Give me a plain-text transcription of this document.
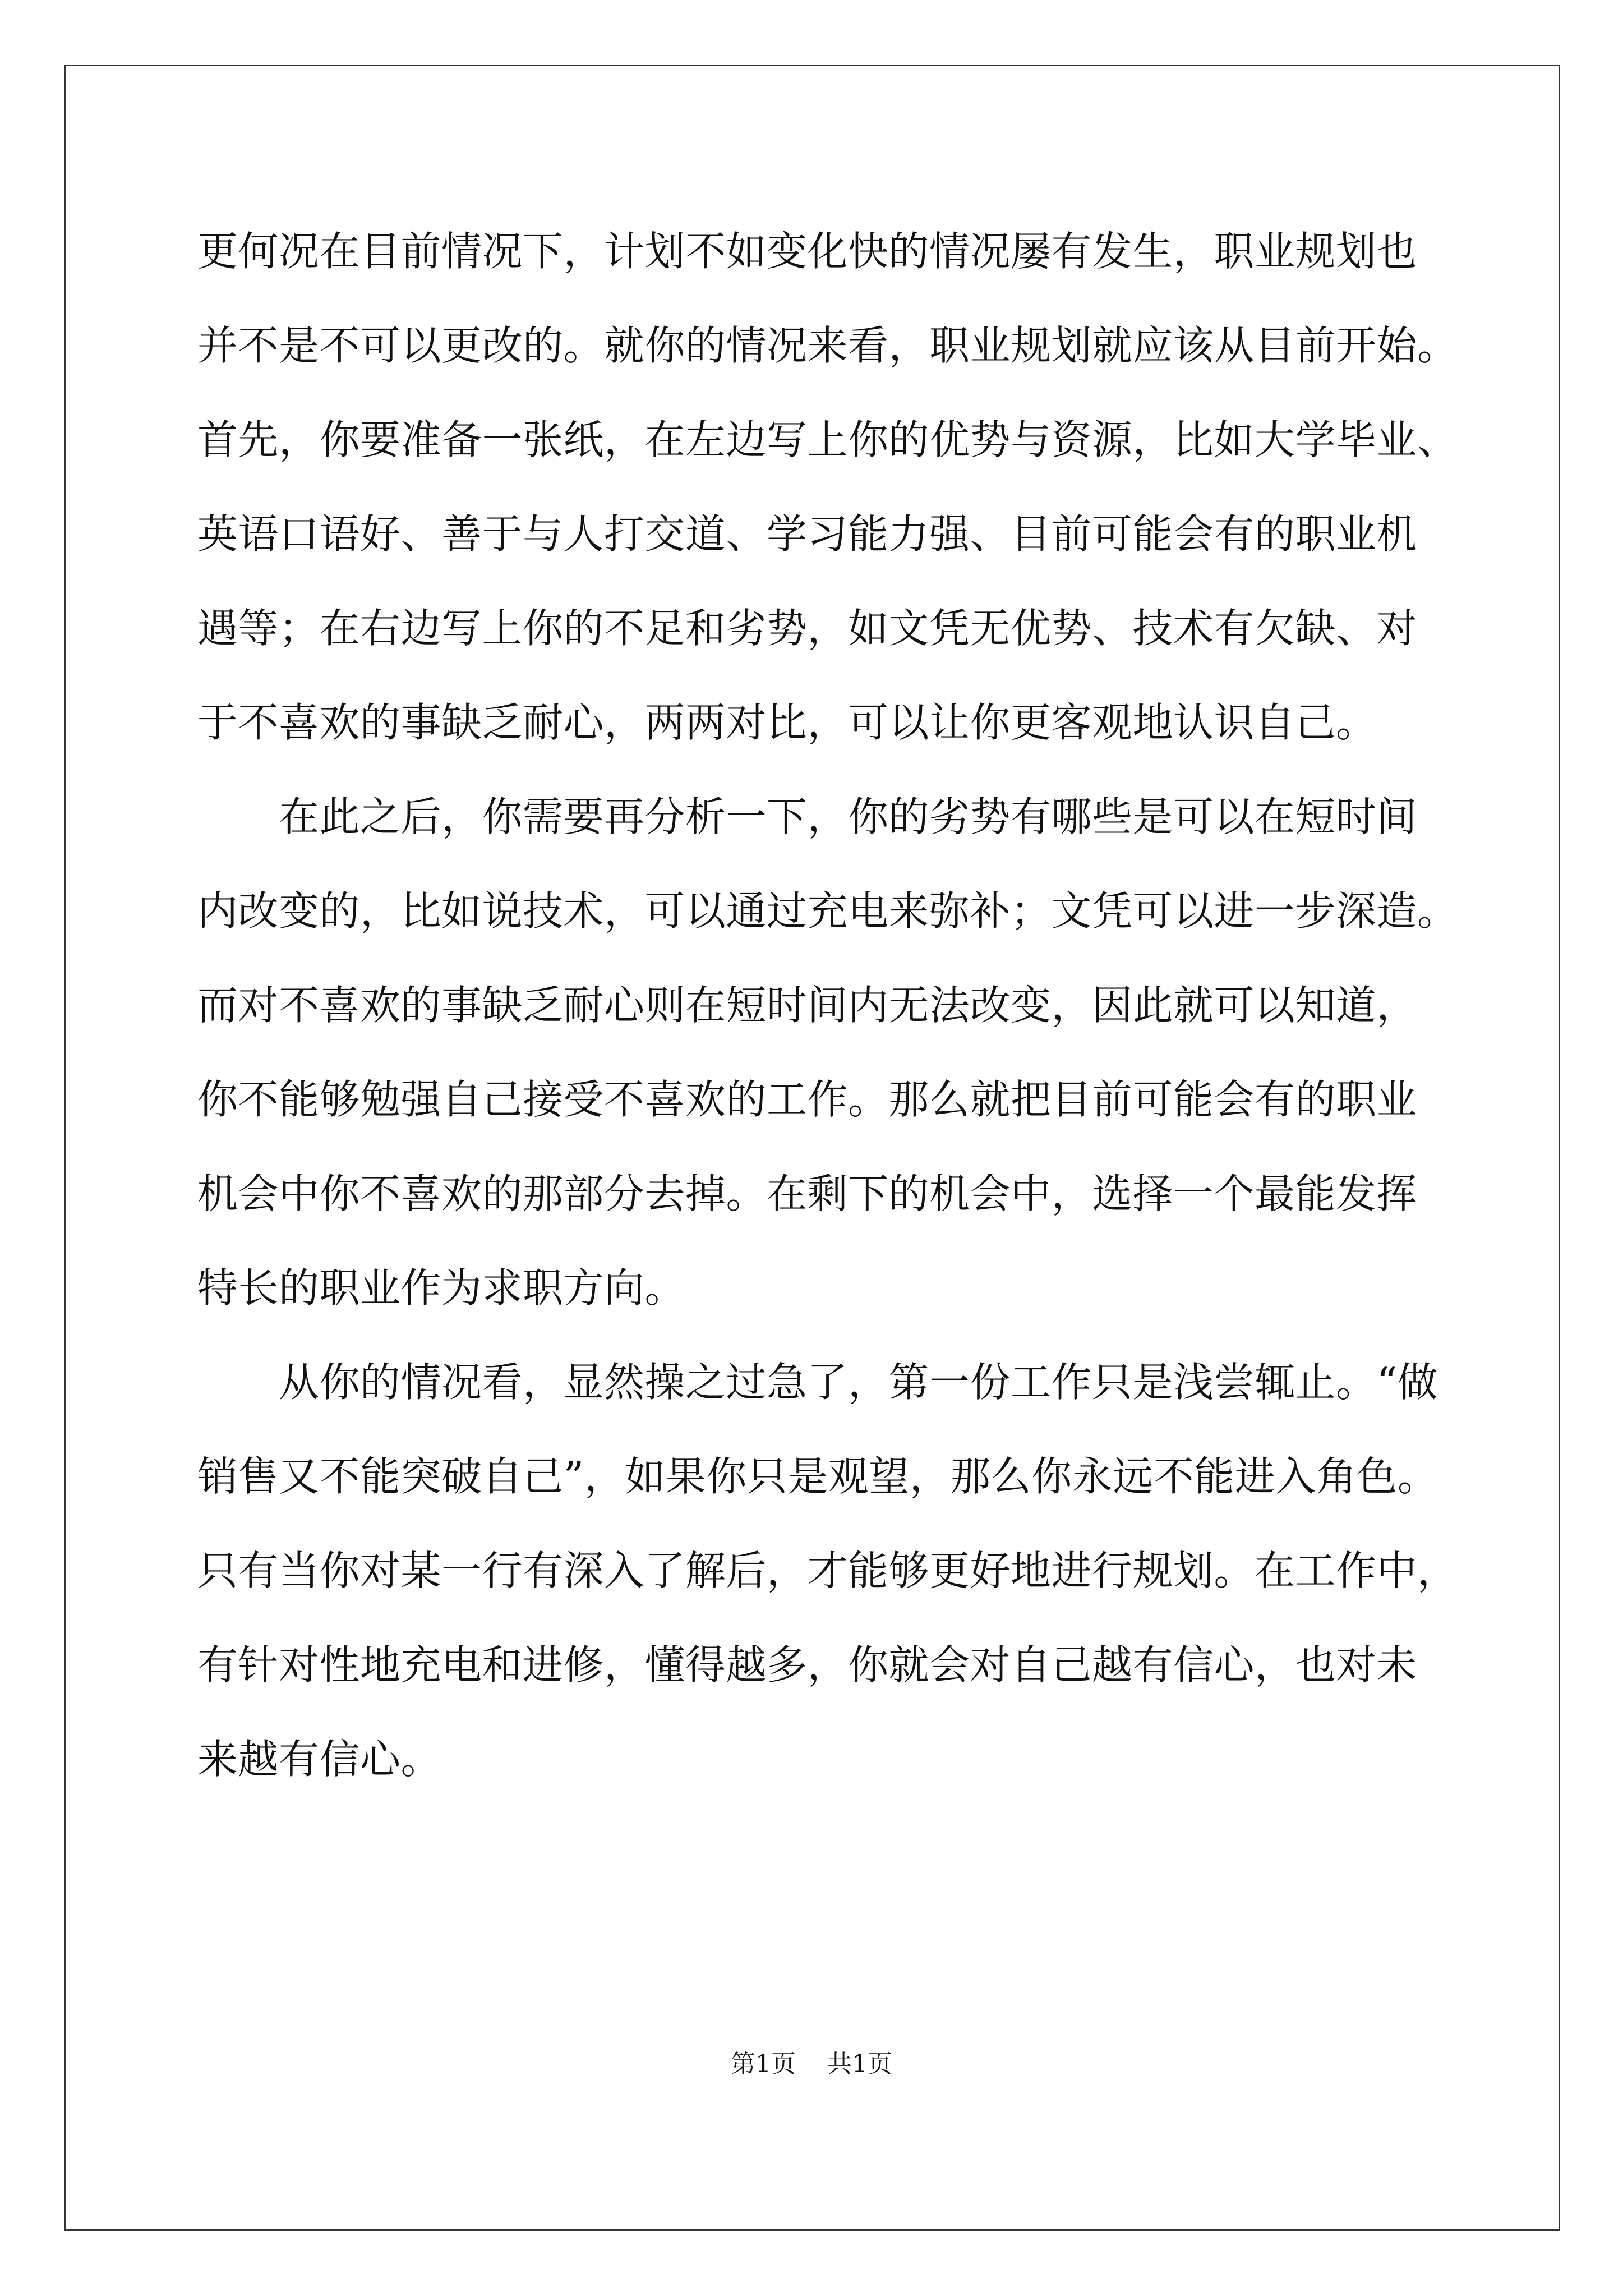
更何况在目前情况下，计划不如变化快的情况屡有发生，职业规划也

并不是不可以更改的。就你的情况来看，职业规划就应该从目前开始。

首先，你要准备一张纸，在左边写上你的优势与资源，比如大学毕业、

英语口语好、善于与人打交道、学习能力强、目前可能会有的职业机

遇等；在右边写上你的不足和劣势，如文凭无优势、技术有欠缺、对

于不喜欢的事缺乏耐心，两两对比，可以让你更客观地认识自己。

　　在此之后，你需要再分析一下，你的劣势有哪些是可以在短时间

内改变的，比如说技术，可以通过充电来弥补；文凭可以进一步深造。

而对不喜欢的事缺乏耐心则在短时间内无法改变，因此就可以知道，

你不能够勉强自己接受不喜欢的工作。那么就把目前可能会有的职业

机会中你不喜欢的那部分去掉。在剩下的机会中，选择一个最能发挥

特长的职业作为求职方向。

　　从你的情况看，显然操之过急了，第一份工作只是浅尝辄止。“做

销售又不能突破自己”，如果你只是观望，那么你永远不能进入角色。

只有当你对某一行有深入了解后，才能够更好地进行规划。在工作中，

有针对性地充电和进修，懂得越多，你就会对自己越有信心，也对未

来越有信心。

第1页 共1页
